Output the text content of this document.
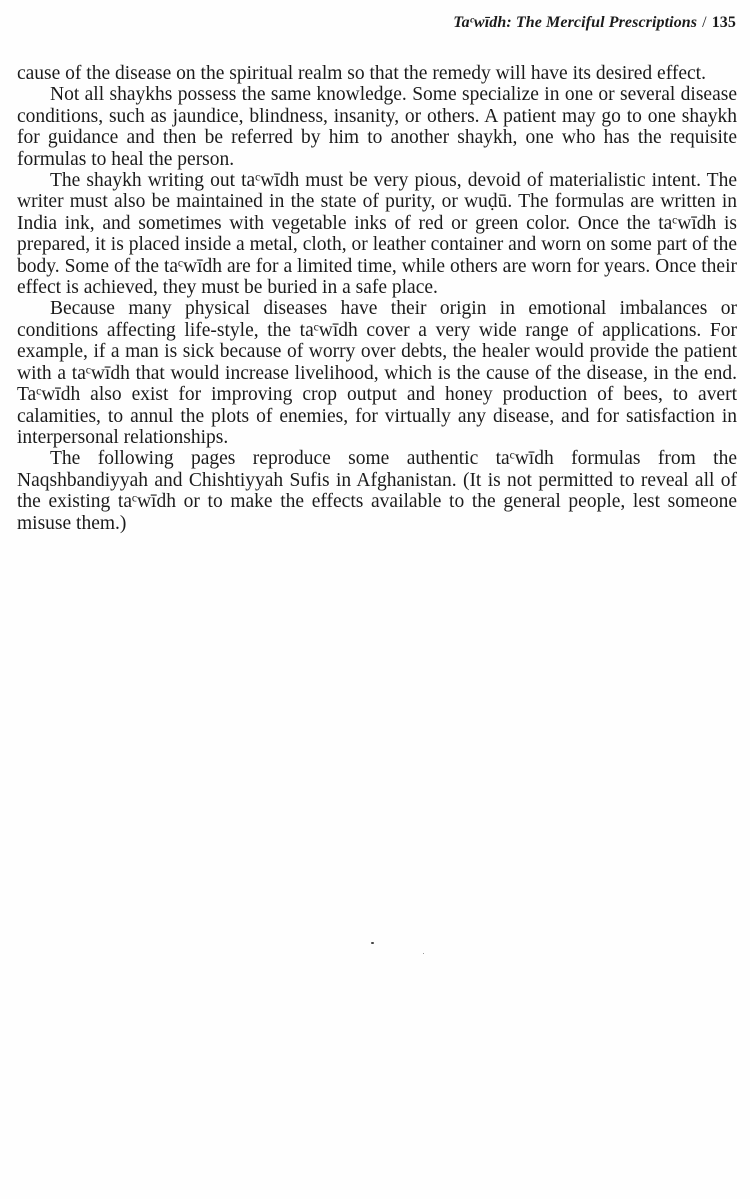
Taᶜwīdh: The Merciful Prescriptions / 135

cause of the disease on the spiritual realm so that the remedy will have its desired effect.

Not all shaykhs possess the same knowledge. Some specialize in one or several disease conditions, such as jaundice, blindness, insanity, or others. A patient may go to one shaykh for guidance and then be referred by him to another shaykh, one who has the requisite formulas to heal the person.

The shaykh writing out taᶜwīdh must be very pious, devoid of materialistic intent. The writer must also be maintained in the state of purity, or wuḍū. The formulas are written in India ink, and sometimes with vegetable inks of red or green color. Once the taᶜwīdh is prepared, it is placed inside a metal, cloth, or leather container and worn on some part of the body. Some of the taᶜwīdh are for a limited time, while others are worn for years. Once their effect is achieved, they must be buried in a safe place.

Because many physical diseases have their origin in emotional imbalances or conditions affecting life-style, the taᶜwīdh cover a very wide range of applications. For example, if a man is sick because of worry over debts, the healer would provide the patient with a taᶜwīdh that would increase livelihood, which is the cause of the disease, in the end. Taᶜwīdh also exist for improving crop output and honey production of bees, to avert calamities, to annul the plots of enemies, for virtually any disease, and for satisfaction in interpersonal relationships.

The following pages reproduce some authentic taᶜwīdh formulas from the Naqshbandiyyah and Chishtiyyah Sufis in Afghanistan. (It is not permitted to reveal all of the existing taᶜwīdh or to make the effects available to the general people, lest someone misuse them.)
